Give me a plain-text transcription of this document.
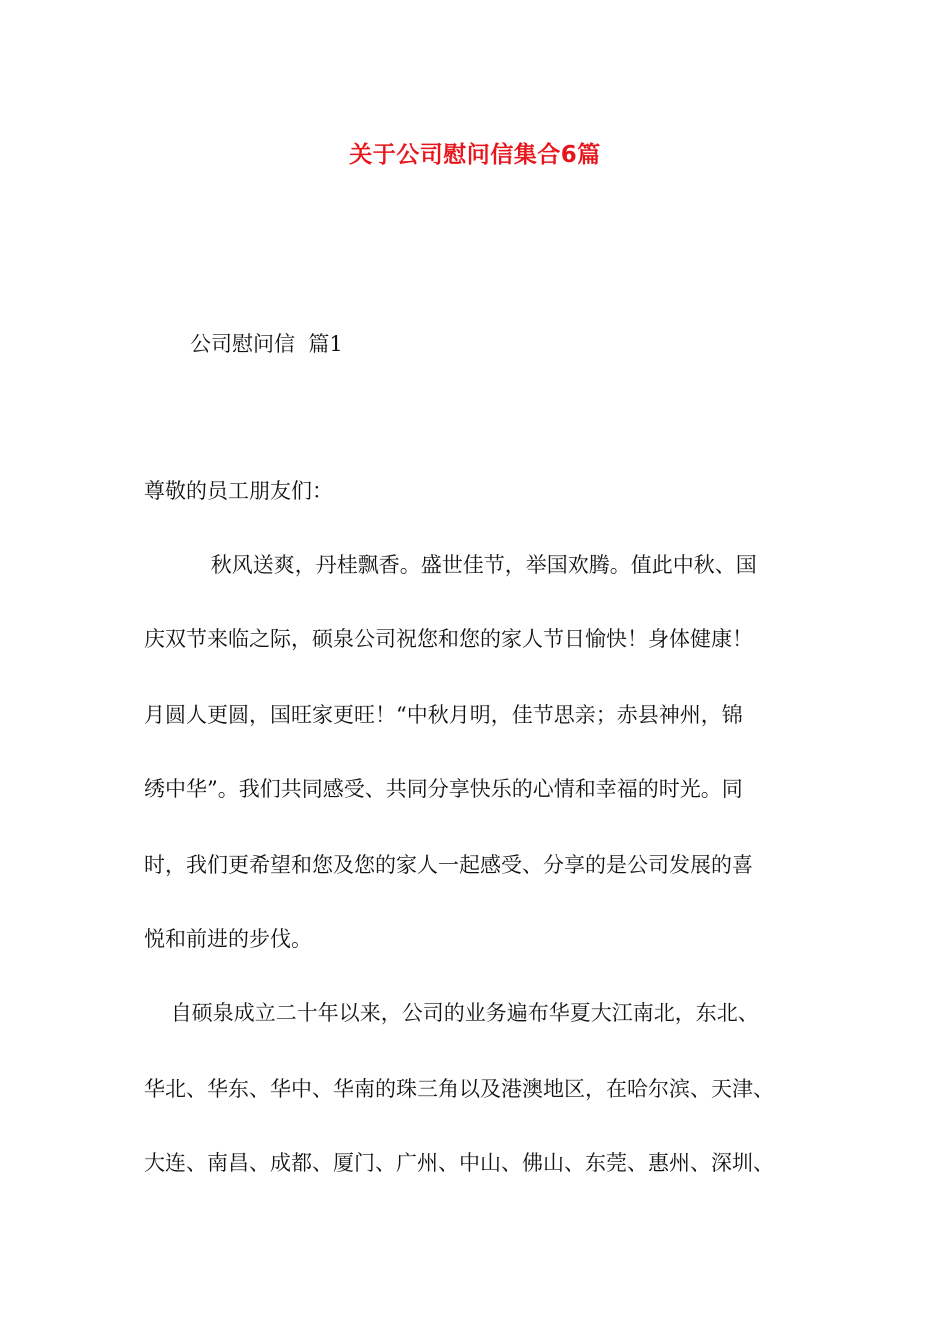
关于公司慰问信集合6篇
公司慰问信  篇1
尊敬的员工朋友们：
秋风送爽，丹桂飘香。盛世佳节，举国欢腾。值此中秋、国
庆双节来临之际，硕泉公司祝您和您的家人节日愉快！身体健康！
月圆人更圆，国旺家更旺！“中秋月明，佳节思亲；赤县神州，锦
绣中华”。我们共同感受、共同分享快乐的心情和幸福的时光。同
时，我们更希望和您及您的家人一起感受、分享的是公司发展的喜
悦和前进的步伐。
自硕泉成立二十年以来，公司的业务遍布华夏大江南北，东北、
华北、华东、华中、华南的珠三角以及港澳地区，在哈尔滨、天津、
大连、南昌、成都、厦门、广州、中山、佛山、东莞、惠州、深圳、
